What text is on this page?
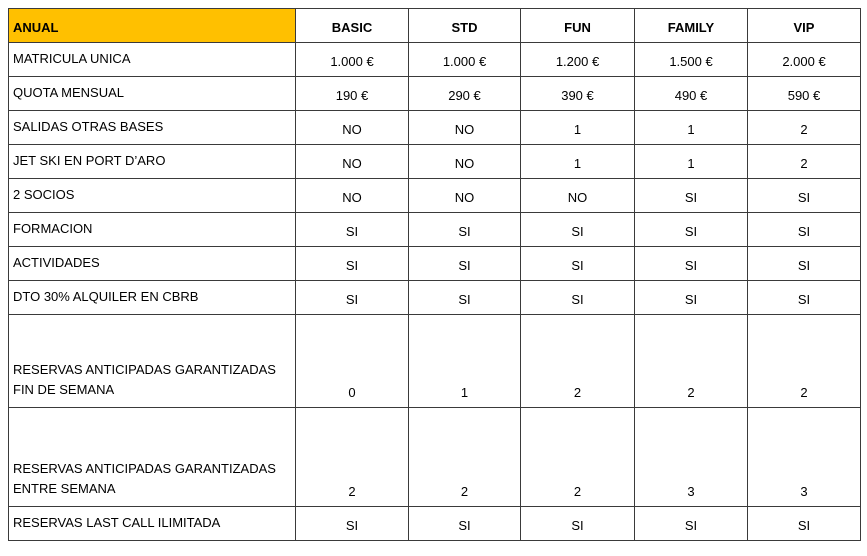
ANUAL	BASIC	STD	FUN	FAMILY	VIP
MATRICULA UNICA	1.000 €	1.000 €	1.200 €	1.500 €	2.000 €
QUOTA MENSUAL	190 €	290 €	390 €	490 €	590 €
SALIDAS OTRAS BASES	NO	NO	1	1	2
JET SKI EN PORT D’ARO	NO	NO	1	1	2
2 SOCIOS	NO	NO	NO	SI	SI
FORMACION	SI	SI	SI	SI	SI
ACTIVIDADES	SI	SI	SI	SI	SI
DTO 30% ALQUILER EN CBRB	SI	SI	SI	SI	SI
RESERVAS ANTICIPADAS GARANTIZADAS FIN DE SEMANA	0	1	2	2	2
RESERVAS ANTICIPADAS GARANTIZADAS ENTRE SEMANA	2	2	2	3	3
RESERVAS LAST CALL ILIMITADA	SI	SI	SI	SI	SI
